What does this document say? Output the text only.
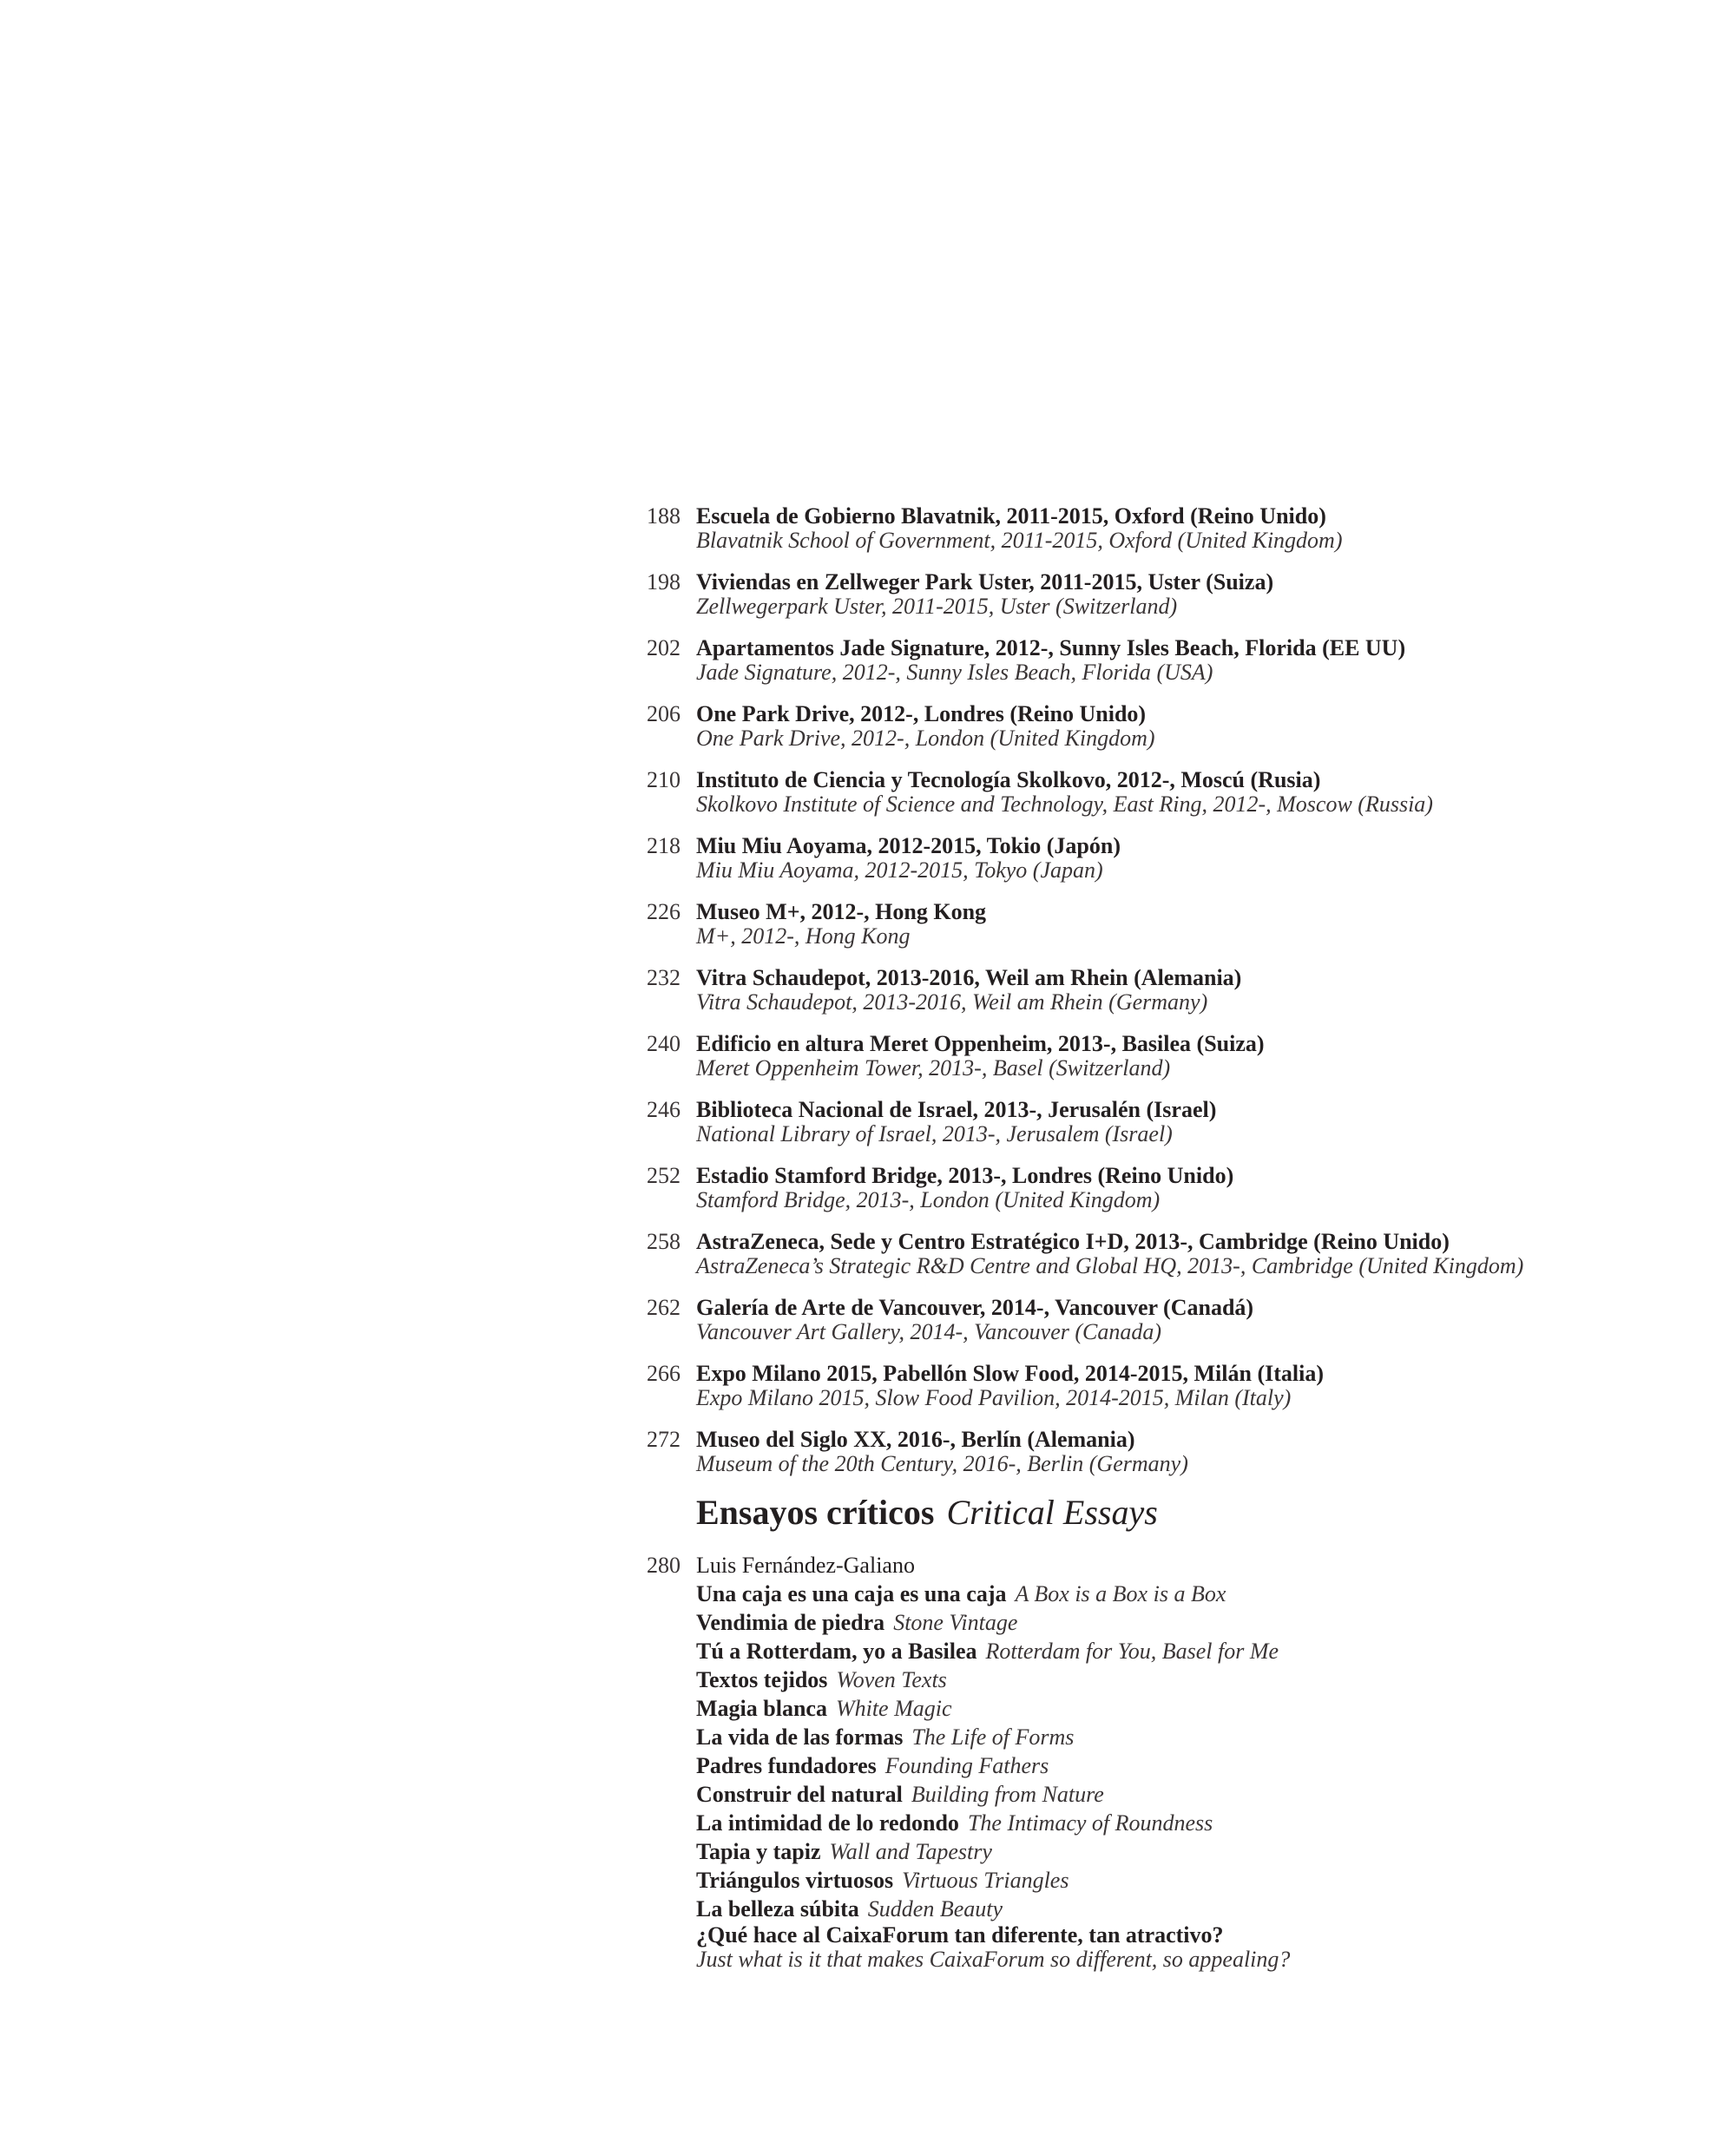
188 Escuela de Gobierno Blavatnik, 2011-2015, Oxford (Reino Unido)
Blavatnik School of Government, 2011-2015, Oxford (United Kingdom)
198 Viviendas en Zellweger Park Uster, 2011-2015, Uster (Suiza)
Zellwegerpark Uster, 2011-2015, Uster (Switzerland)
202 Apartamentos Jade Signature, 2012-, Sunny Isles Beach, Florida (EE UU)
Jade Signature, 2012-, Sunny Isles Beach, Florida (USA)
206 One Park Drive, 2012-, Londres (Reino Unido)
One Park Drive, 2012-, London (United Kingdom)
210 Instituto de Ciencia y Tecnología Skolkovo, 2012-, Moscú (Rusia)
Skolkovo Institute of Science and Technology, East Ring, 2012-, Moscow (Russia)
218 Miu Miu Aoyama, 2012-2015, Tokio (Japón)
Miu Miu Aoyama, 2012-2015, Tokyo (Japan)
226 Museo M+, 2012-, Hong Kong
M+, 2012-, Hong Kong
232 Vitra Schaudepot, 2013-2016, Weil am Rhein (Alemania)
Vitra Schaudepot, 2013-2016, Weil am Rhein (Germany)
240 Edificio en altura Meret Oppenheim, 2013-, Basilea (Suiza)
Meret Oppenheim Tower, 2013-, Basel (Switzerland)
246 Biblioteca Nacional de Israel, 2013-, Jerusalén (Israel)
National Library of Israel, 2013-, Jerusalem (Israel)
252 Estadio Stamford Bridge, 2013-, Londres (Reino Unido)
Stamford Bridge, 2013-, London (United Kingdom)
258 AstraZeneca, Sede y Centro Estratégico I+D, 2013-, Cambridge (Reino Unido)
AstraZeneca’s Strategic R&D Centre and Global HQ, 2013-, Cambridge (United Kingdom)
262 Galería de Arte de Vancouver, 2014-, Vancouver (Canadá)
Vancouver Art Gallery, 2014-, Vancouver (Canada)
266 Expo Milano 2015, Pabellón Slow Food, 2014-2015, Milán (Italia)
Expo Milano 2015, Slow Food Pavilion, 2014-2015, Milan (Italy)
272 Museo del Siglo XX, 2016-, Berlín (Alemania)
Museum of the 20th Century, 2016-, Berlin (Germany)
Ensayos críticos Critical Essays
280 Luis Fernández-Galiano
Una caja es una caja es una caja A Box is a Box is a Box
Vendimia de piedra Stone Vintage
Tú a Rotterdam, yo a Basilea Rotterdam for You, Basel for Me
Textos tejidos Woven Texts
Magia blanca White Magic
La vida de las formas The Life of Forms
Padres fundadores Founding Fathers
Construir del natural Building from Nature
La intimidad de lo redondo The Intimacy of Roundness
Tapia y tapiz Wall and Tapestry
Triángulos virtuosos Virtuous Triangles
La belleza súbita Sudden Beauty
¿Qué hace al CaixaForum tan diferente, tan atractivo?
Just what is it that makes CaixaForum so different, so appealing?
